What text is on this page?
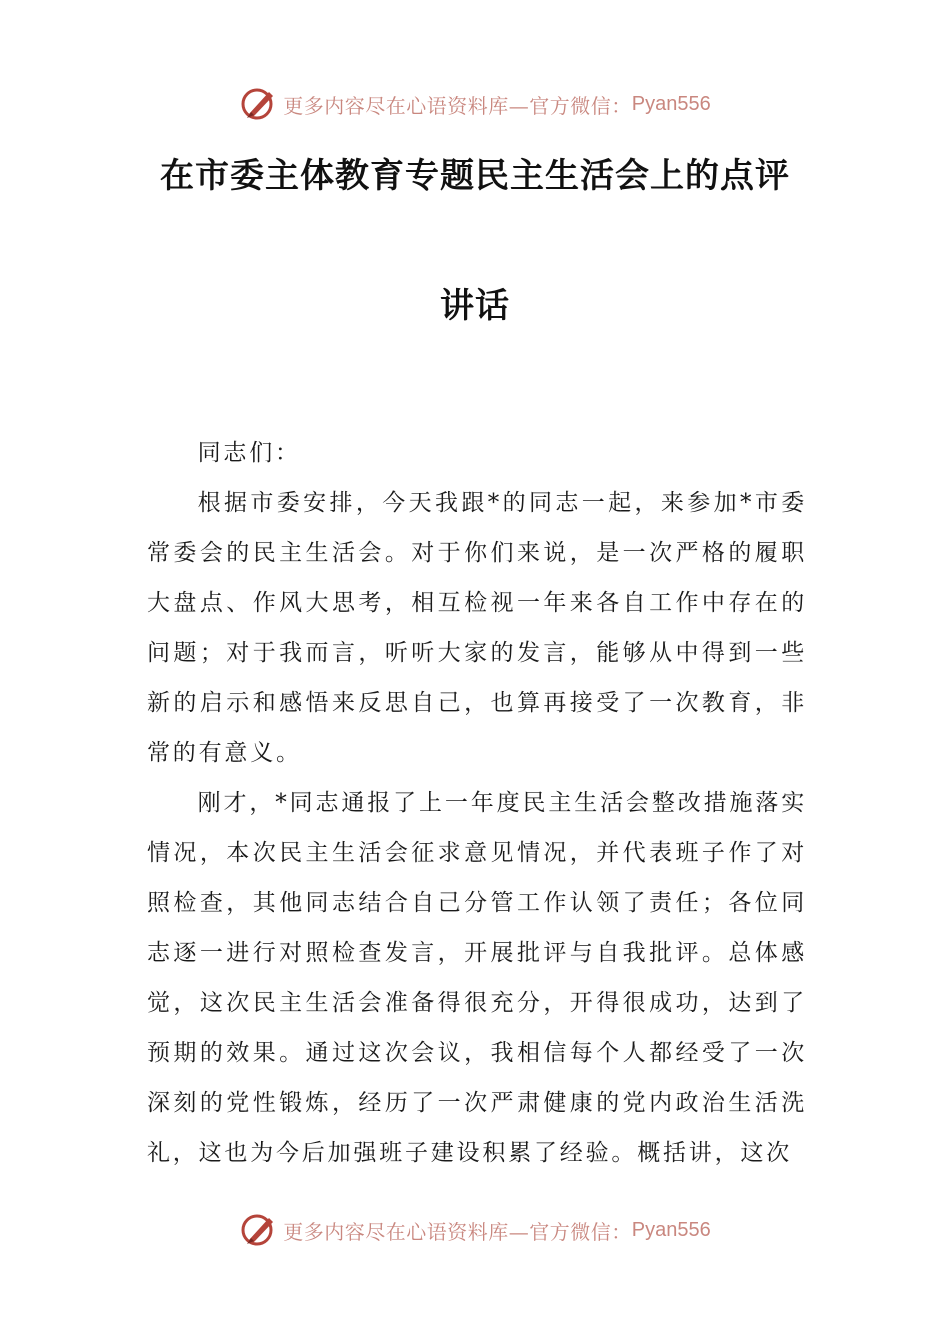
更多内容尽在心语资料库—官方微信： Pyan556
在市委主体教育专题民主生活会上的点评
讲话

同志们：

根据市委安排，今天我跟*的同志一起，来参加*市委常委会的民主生活会。对于你们来说，是一次严格的履职大盘点、作风大思考，相互检视一年来各自工作中存在的问题；对于我而言，听听大家的发言，能够从中得到一些新的启示和感悟来反思自己，也算再接受了一次教育，非常的有意义。

刚才，*同志通报了上一年度民主生活会整改措施落实情况，本次民主生活会征求意见情况，并代表班子作了对照检查，其他同志结合自己分管工作认领了责任；各位同志逐一进行对照检查发言，开展批评与自我批评。总体感觉，这次民主生活会准备得很充分，开得很成功，达到了预期的效果。通过这次会议，我相信每个人都经受了一次深刻的党性锻炼，经历了一次严肃健康的党内政治生活洗礼，这也为今后加强班子建设积累了经验。概括讲，这次

更多内容尽在心语资料库—官方微信： Pyan556
